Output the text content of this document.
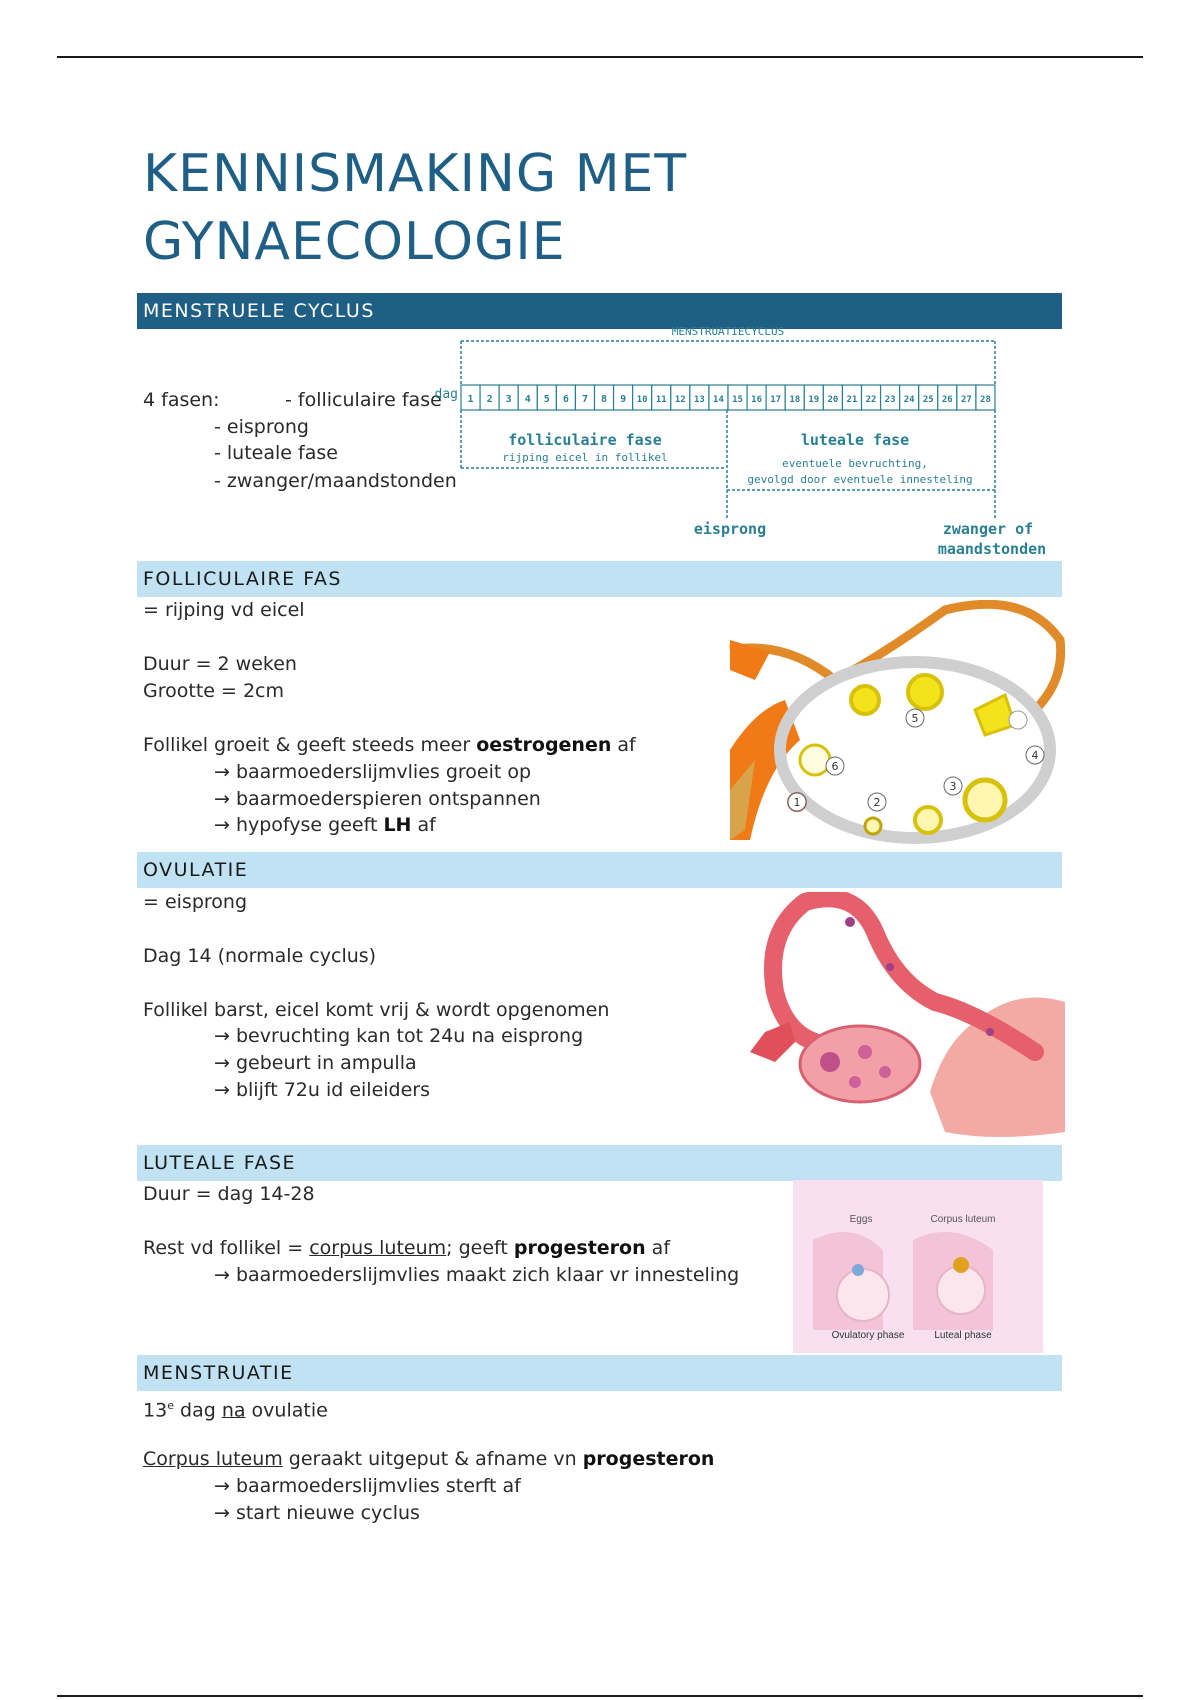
KENNISMAKING MET
GYNAECOLOGIE
MENSTRUELE CYCLUS
4 fasen:	- folliculaire fase
- eisprong
- luteale fase
- zwanger/maandstonden
MENSTRUATIECYCLUS
dag 1 2 3 4 5 6 7 8 9 10 11 12 13 14 15 16 17 18 19 20 21 22 23 24 25 26 27 28
folliculaire fase
rijping eicel in follikel
luteale fase
eventuele bevruchting,
gevolgd door eventuele innesteling
eisprong	zwanger of
maandstonden
FOLLICULAIRE FAS
= rijping vd eicel
Duur = 2 weken
Grootte = 2cm
Follikel groeit & geeft steeds meer oestrogenen af
→ baarmoederslijmvlies groeit op
→ baarmoederspieren ontspannen
→ hypofyse geeft LH af
1	2
3
4
5
6
OVULATIE
= eisprong
Dag 14 (normale cyclus)
Follikel barst, eicel komt vrij & wordt opgenomen
→ bevruchting kan tot 24u na eisprong
→ gebeurt in ampulla
→ blijft 72u id eileiders
LUTEALE FASE
Duur = dag 14-28
Rest vd follikel = corpus luteum; geeft progesteron af
→ baarmoederslijmvlies maakt zich klaar vr innesteling
Eggs	Corpus luteum
Ovulatory phase	Luteal phase
MENSTRUATIE
13e dag na ovulatie
Corpus luteum geraakt uitgeput & afname vn progesteron
→ baarmoederslijmvlies sterft af
→ start nieuwe cyclus
